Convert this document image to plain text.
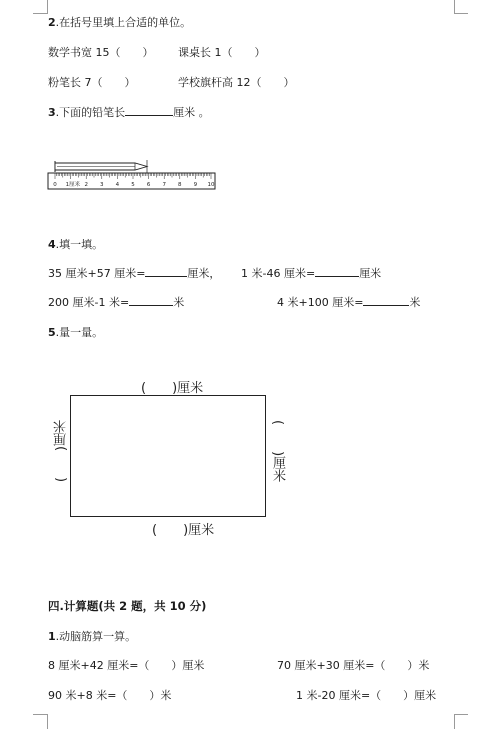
2.在括号里填上合适的单位。
数学书宽 15（　　） 课桌长 1（　　）
粉笔长 7（　　）	学校旗杆高 12（　　）
3.下面的铅笔长	厘米 。
0 1厘米 2 3 4 5 6 7 8 9 10
4.填一填。
35 厘米+57 厘米=	厘米， 1 米-46 厘米=	厘米
200 厘米-1 米=	米	4 米+100 厘米=	米
5.量一量。
(　　)厘米
(　　)厘米
(　　)厘米	(　　)厘米
四.计算题(共 2 题，共 10 分)
1.动脑筋算一算。
8 厘米+42 厘米=（　　）厘米	70 厘米+30 厘米=（　　）米
90 米+8 米=（　　）米	1 米-20 厘米=（　　）厘米
